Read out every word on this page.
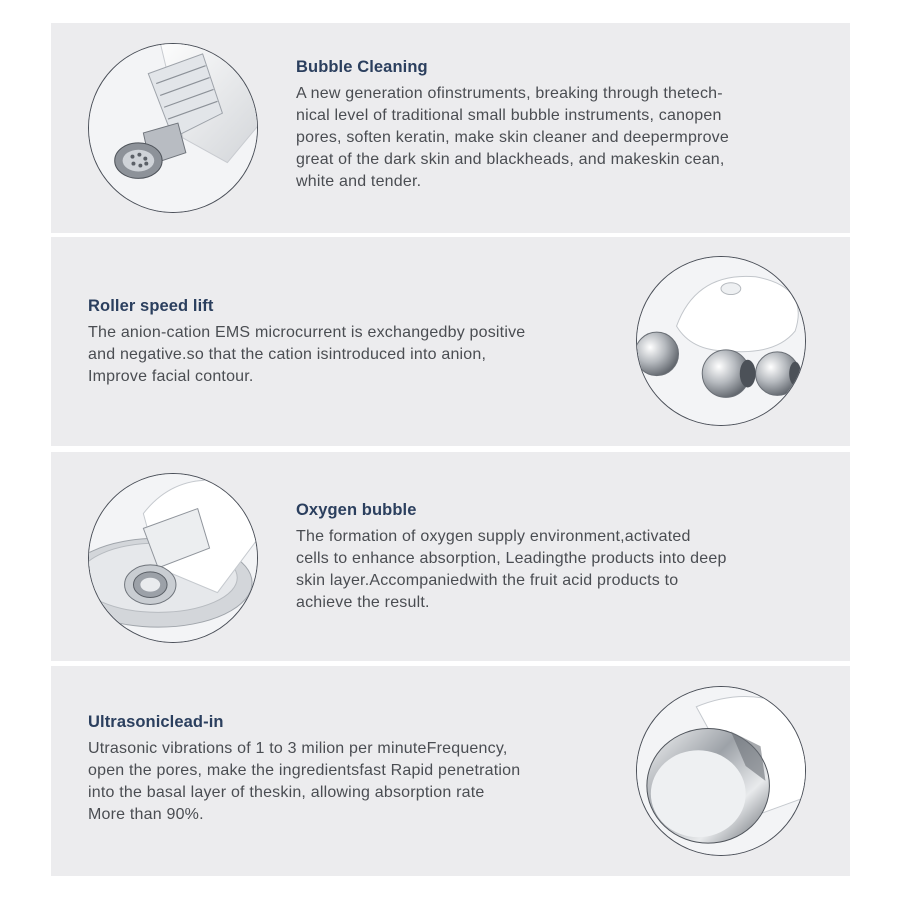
Bubble Cleaning

A new generation ofinstruments, breaking through thetech-
nical level of traditional small bubble instruments, canopen
pores, soften keratin, make skin cleaner and deepermprove
great of the dark skin and blackheads, and makeskin cean,
white and tender.

Roller speed lift

The anion-cation EMS microcurrent is exchangedby positive
and negative.so that the cation isintroduced into anion,
Improve facial contour.

Oxygen bubble

The formation of oxygen supply environment,activated
cells to enhance absorption, Leadingthe products into deep
skin layer.Accompaniedwith the fruit acid products to
achieve the result.

Ultrasoniclead-in

Utrasonic vibrations of 1 to 3 milion per minuteFrequency,
open the pores, make the ingredientsfast Rapid penetration
into the basal layer of theskin, allowing absorption rate
More than 90%.
